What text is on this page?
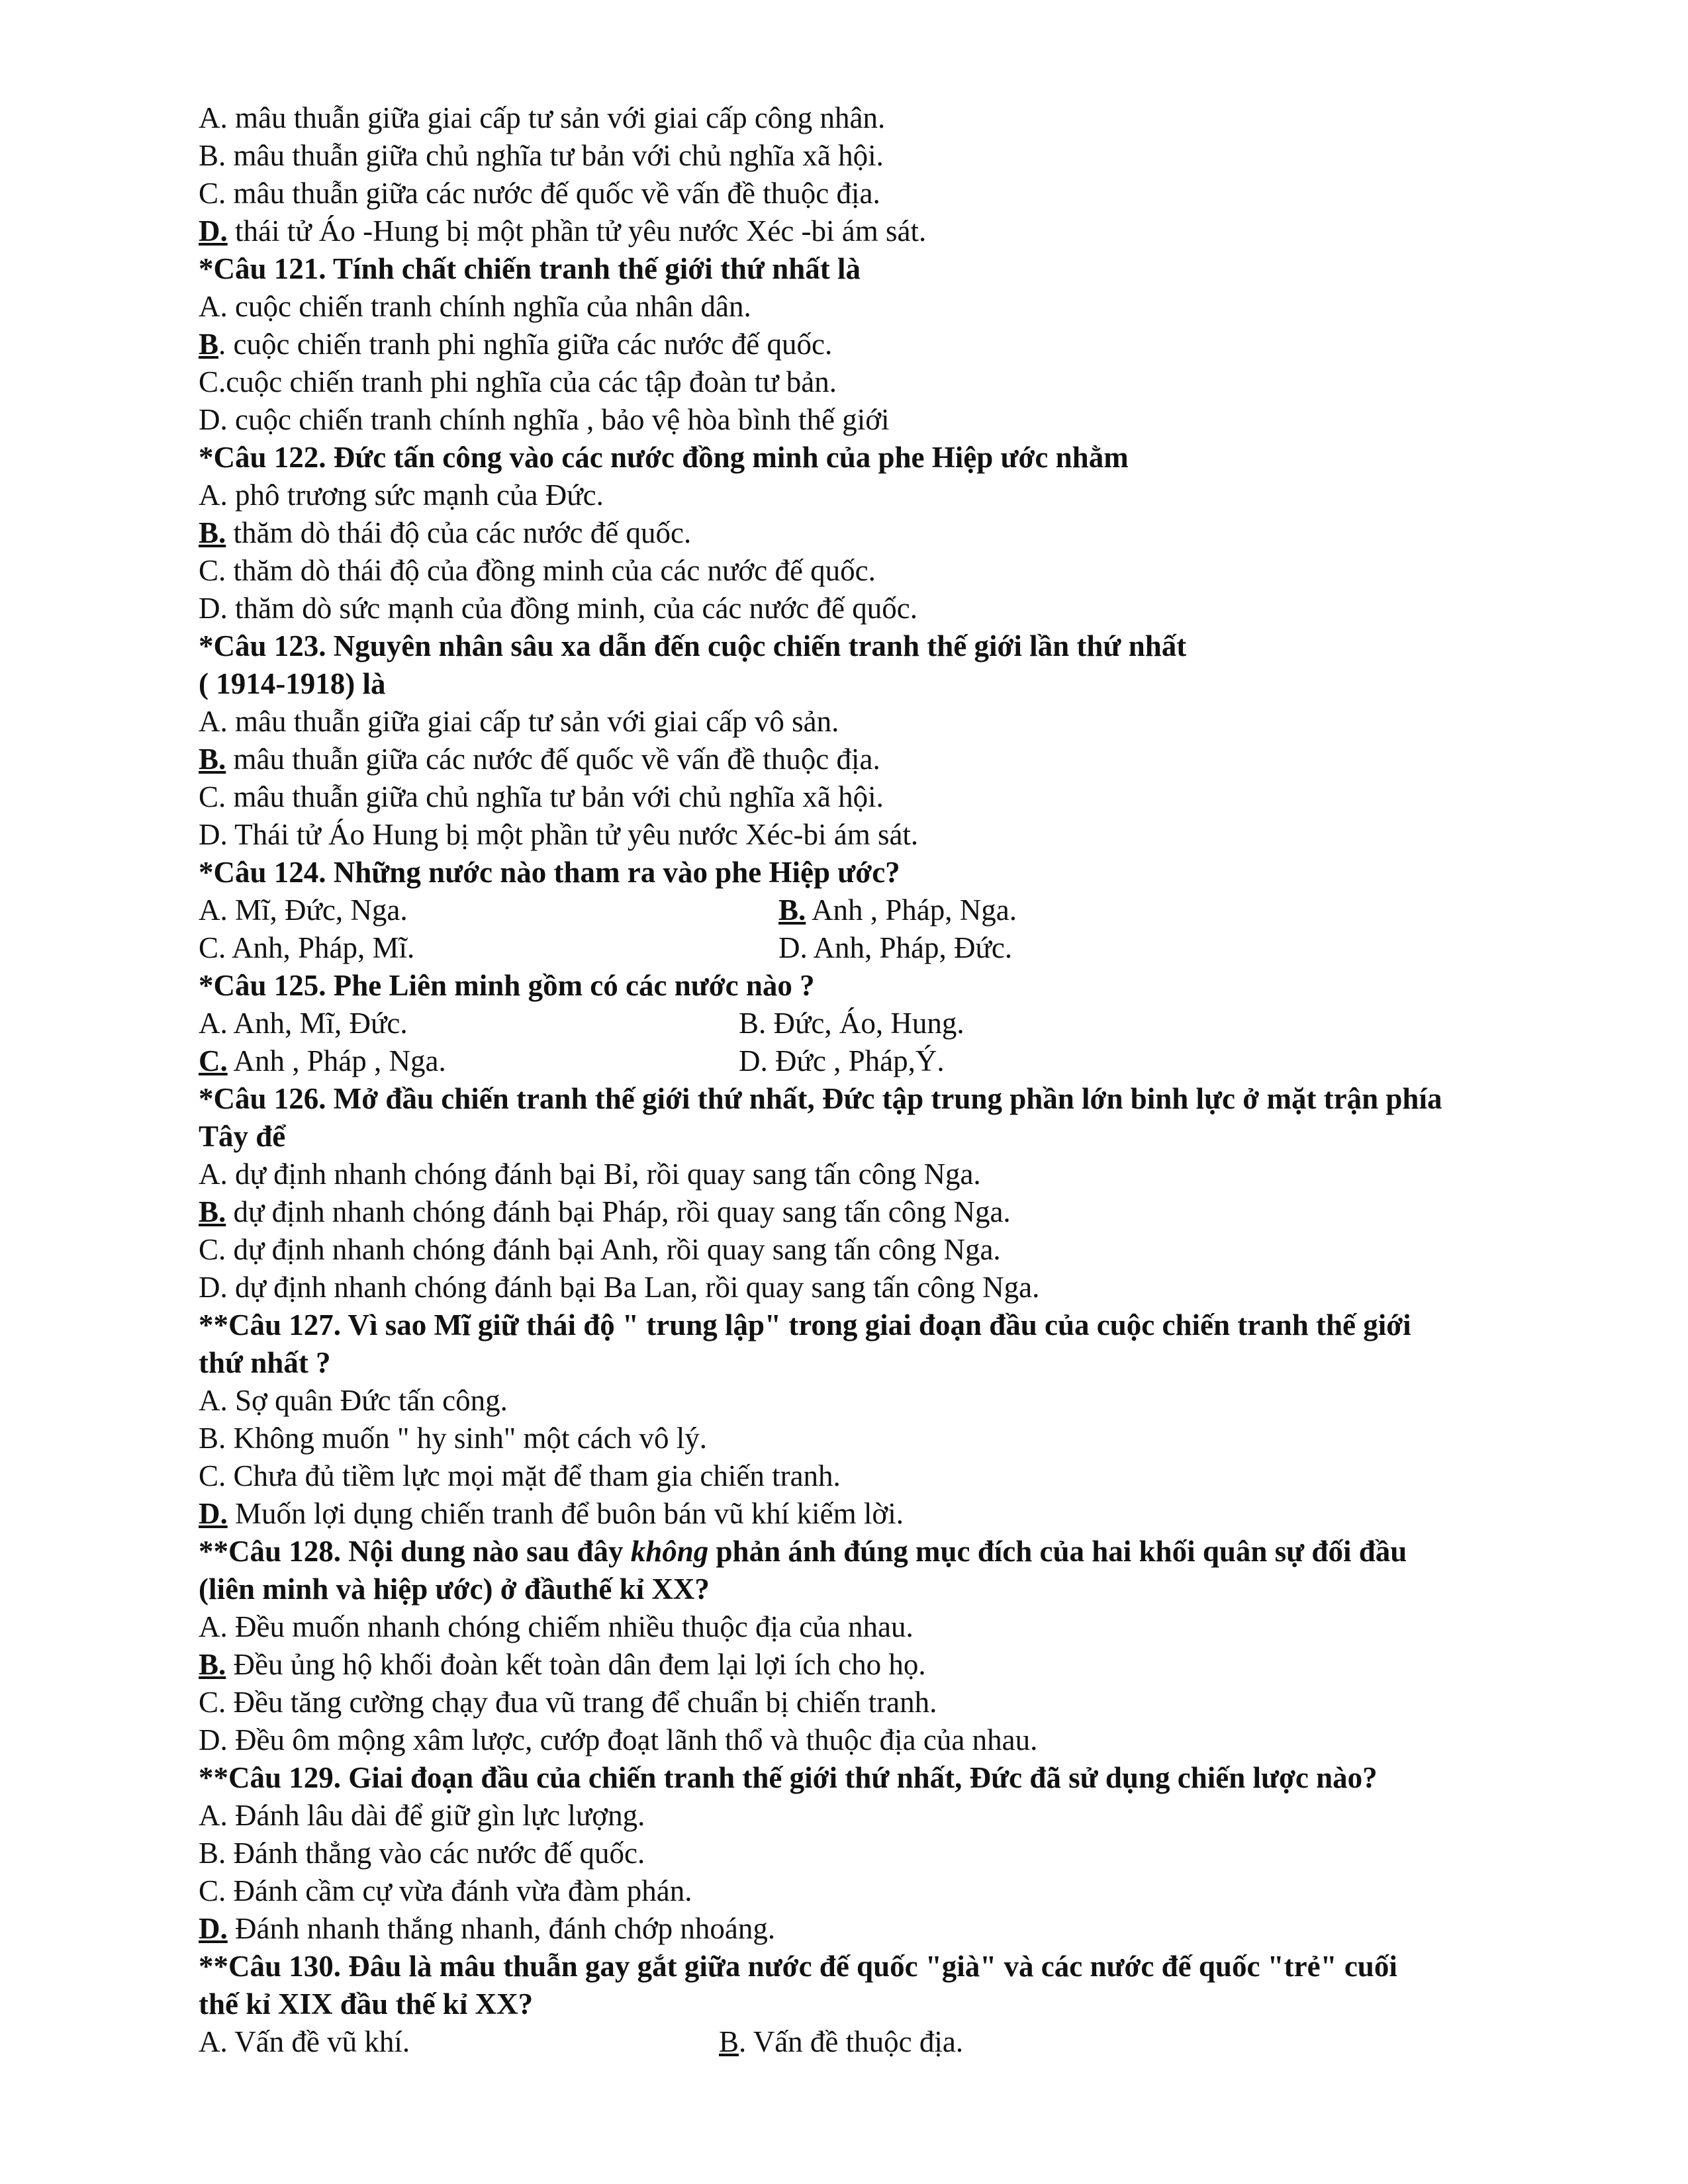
A. mâu thuẫn giữa giai cấp tư sản với giai cấp công nhân.
B. mâu thuẫn giữa chủ nghĩa tư bản với chủ nghĩa xã hội.
C. mâu thuẫn giữa các nước đế quốc về vấn đề thuộc địa.
D. thái tử Áo -Hung bị một phần tử yêu nước Xéc -bi ám sát.
*Câu 121. Tính chất chiến tranh thế giới thứ nhất là
A. cuộc chiến tranh chính nghĩa của nhân dân.
B. cuộc chiến tranh phi nghĩa giữa các nước đế quốc.
C.cuộc chiến tranh phi nghĩa của các tập đoàn tư bản.
D. cuộc chiến tranh chính nghĩa , bảo vệ hòa bình thế giới
*Câu 122. Đức tấn công vào các nước đồng minh của phe Hiệp ước nhằm
A. phô trương sức mạnh của Đức.
B. thăm dò thái độ của các nước đế quốc.
C. thăm dò thái độ của đồng minh của các nước đế quốc.
D. thăm dò sức mạnh của đồng minh, của các nước đế quốc.
*Câu 123. Nguyên nhân sâu xa dẫn đến cuộc chiến tranh thế giới lần thứ nhất
( 1914-1918) là
A. mâu thuẫn giữa giai cấp tư sản với giai cấp vô sản.
B. mâu thuẫn giữa các nước đế quốc về vấn đề thuộc địa.
C. mâu thuẫn giữa chủ nghĩa tư bản với chủ nghĩa xã hội.
D. Thái tử Áo Hung bị một phần tử yêu nước Xéc-bi ám sát.
*Câu 124. Những nước nào tham ra vào phe Hiệp ước?
A. Mĩ, Đức, Nga.	B. Anh , Pháp, Nga.
C. Anh, Pháp, Mĩ.	D. Anh, Pháp, Đức.
*Câu 125. Phe Liên minh gồm có các nước nào ?
A. Anh, Mĩ, Đức.	B. Đức, Áo, Hung.
C. Anh , Pháp , Nga.	D. Đức , Pháp,Ý.
*Câu 126. Mở đầu chiến tranh thế giới thứ nhất, Đức tập trung phần lớn binh lực ở mặt trận phía
Tây để
A. dự định nhanh chóng đánh bại Bỉ, rồi quay sang tấn công Nga.
B. dự định nhanh chóng đánh bại Pháp, rồi quay sang tấn công Nga.
C. dự định nhanh chóng đánh bại Anh, rồi quay sang tấn công Nga.
D. dự định nhanh chóng đánh bại Ba Lan, rồi quay sang tấn công Nga.
**Câu 127. Vì sao Mĩ giữ thái độ " trung lập" trong giai đoạn đầu của cuộc chiến tranh thế giới
thứ nhất ?
A. Sợ quân Đức tấn công.
B. Không muốn " hy sinh" một cách vô lý.
C. Chưa đủ tiềm lực mọi mặt để tham gia chiến tranh.
D. Muốn lợi dụng chiến tranh để buôn bán vũ khí kiếm lời.
**Câu 128. Nội dung nào sau đây không phản ánh đúng mục đích của hai khối quân sự đối đầu
(liên minh và hiệp ước) ở đầuthế kỉ XX?
A. Đều muốn nhanh chóng chiếm nhiều thuộc địa của nhau.
B. Đều ủng hộ khối đoàn kết toàn dân đem lại lợi ích cho họ.
C. Đều tăng cường chạy đua vũ trang để chuẩn bị chiến tranh.
D. Đều ôm mộng xâm lược, cướp đoạt lãnh thổ và thuộc địa của nhau.
**Câu 129. Giai đoạn đầu của chiến tranh thế giới thứ nhất, Đức đã sử dụng chiến lược nào?
A. Đánh lâu dài để giữ gìn lực lượng.
B. Đánh thẳng vào các nước đế quốc.
C. Đánh cầm cự vừa đánh vừa đàm phán.
D. Đánh nhanh thắng nhanh, đánh chớp nhoáng.
**Câu 130. Đâu là mâu thuẫn gay gắt giữa nước đế quốc "già" và các nước đế quốc "trẻ" cuối
thế kỉ XIX đầu thế kỉ XX?
A. Vấn đề vũ khí.	B. Vấn đề thuộc địa.
